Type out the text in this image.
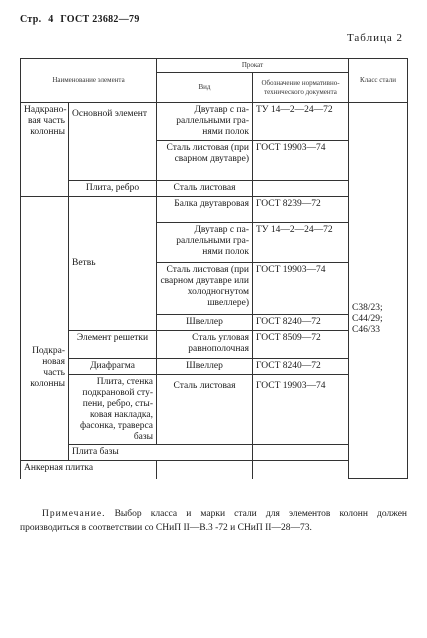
Стр. 4 ГОСТ 23682—79
Таблица 2
Наименование элемента		Прокат		Класс стали	
		Вид	Обозначение нормативно-технического документа		
Надкрановая часть колонны	Основной элемент	Двутавр с параллельными гранями полок	ТУ 14—2—24—72	С38/23; С44/29; С46/33	
		Сталь листовая (при сварном двутавре)	ГОСТ 19903—74		
	Плита, ребро	Сталь листовая			
Подкрановая часть колонны	Ветвь	Балка двутавровая	ГОСТ 8239—72		
		Двутавр с параллельными гранями полок	ТУ 14—2—24—72		
		Сталь листовая (при сварном двутавре или холодногнутом швеллере)	ГОСТ 19903—74		
		Швеллер	ГОСТ 8240—72		
	Элемент решетки	Сталь угловая равнополочная	ГОСТ 8509—72		
	Диафрагма	Швеллер	ГОСТ 8240—72		
	Плита, стенка подкрановой ступени, ребро, стыковая накладка, фасонка, траверса базы	Сталь листовая	ГОСТ 19903—74		
	Плита базы				
Анкерная плитка					
Примечание. Выбор класса и марки стали для элементов колонн должен производиться в соответствии со СНиП II—В.3 -72 и СНиП II—28—73.
